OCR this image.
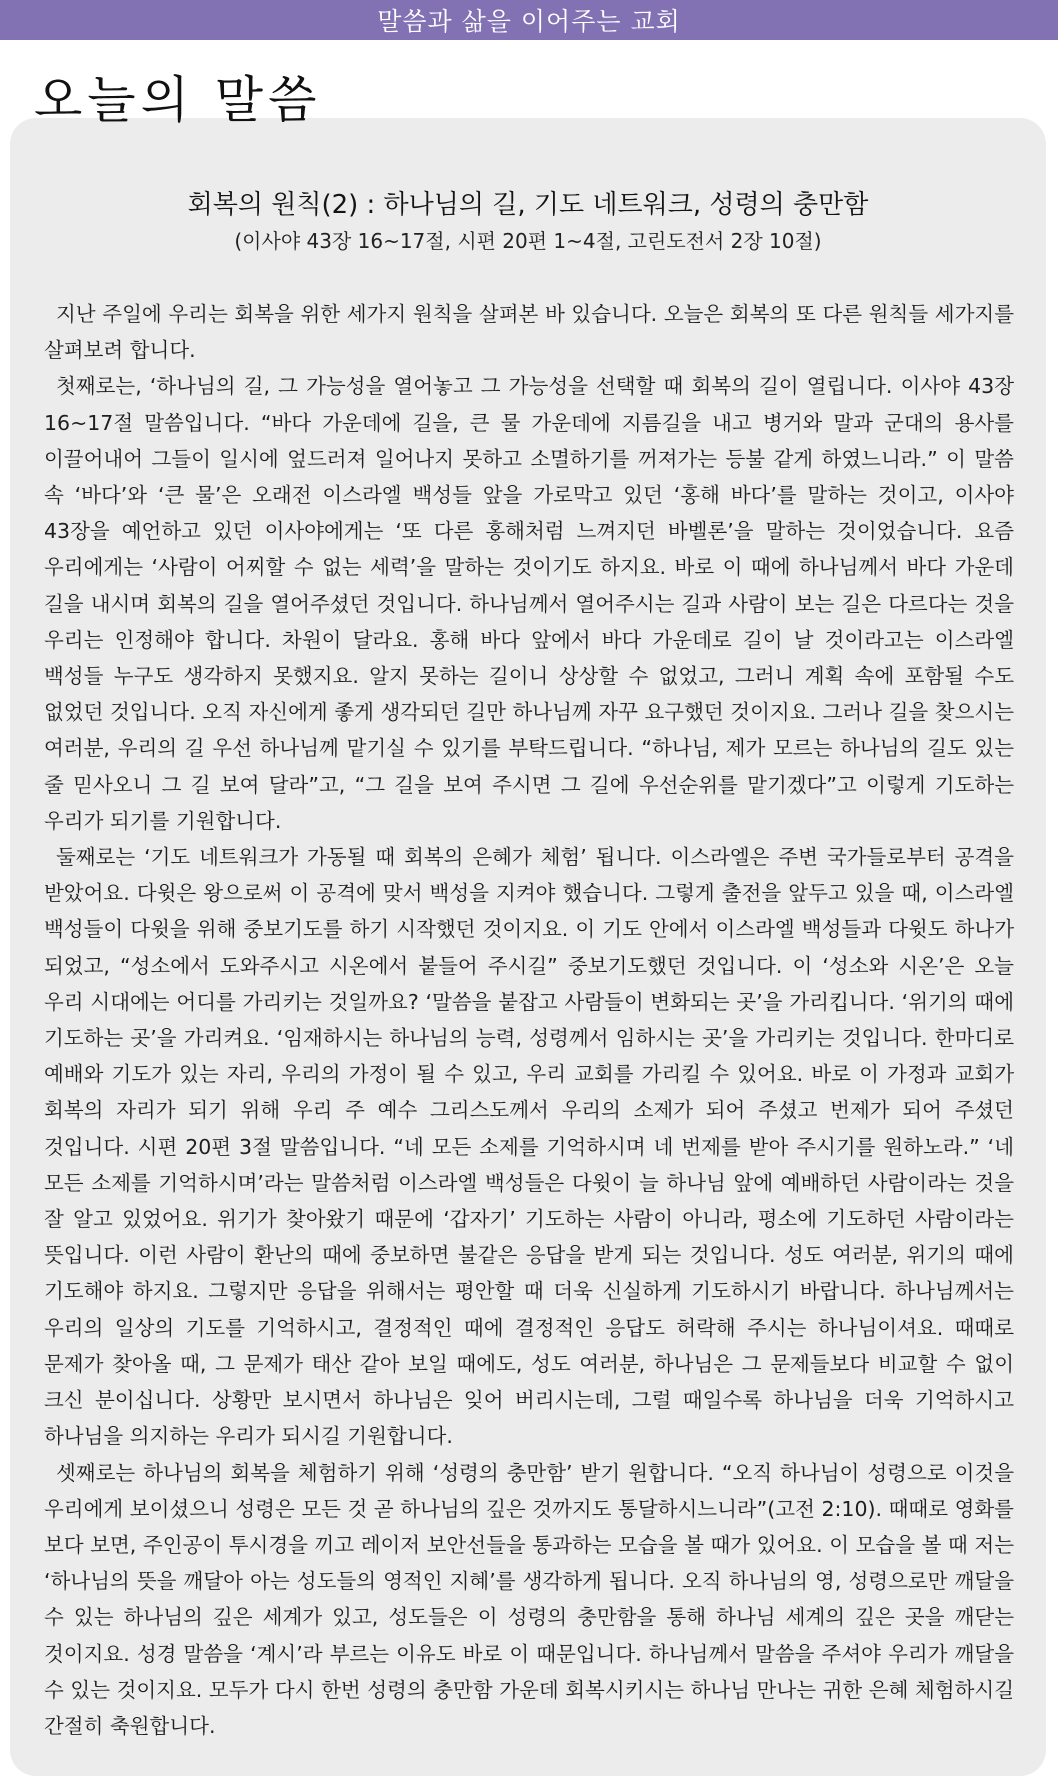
말씀과 삶을 이어주는 교회
오늘의 말씀
회복의 원칙(2) : 하나님의 길, 기도 네트워크, 성령의 충만함
(이사야 43장 16~17절, 시편 20편 1~4절, 고린도전서 2장 10절)

지난 주일에 우리는 회복을 위한 세가지 원칙을 살펴본 바 있습니다. 오늘은 회복의 또 다른 원칙들 세가지를 살펴보려 합니다.

첫째로는, ‘하나님의 길, 그 가능성을 열어놓고 그 가능성을 선택할 때 회복의 길이 열립니다. 이사야 43장 16~17절 말씀입니다. “바다 가운데에 길을, 큰 물 가운데에 지름길을 내고 병거와 말과 군대의 용사를 이끌어내어 그들이 일시에 엎드러져 일어나지 못하고 소멸하기를 꺼져가는 등불 같게 하였느니라.” 이 말씀 속 ‘바다’와 ‘큰 물’은 오래전 이스라엘 백성들 앞을 가로막고 있던 ‘홍해 바다’를 말하는 것이고, 이사야 43장을 예언하고 있던 이사야에게는 ‘또 다른 홍해처럼 느껴지던 바벨론’을 말하는 것이었습니다. 요즘 우리에게는 ‘사람이 어찌할 수 없는 세력’을 말하는 것이기도 하지요. 바로 이 때에 하나님께서 바다 가운데 길을 내시며 회복의 길을 열어주셨던 것입니다. 하나님께서 열어주시는 길과 사람이 보는 길은 다르다는 것을 우리는 인정해야 합니다. 차원이 달라요. 홍해 바다 앞에서 바다 가운데로 길이 날 것이라고는 이스라엘 백성들 누구도 생각하지 못했지요. 알지 못하는 길이니 상상할 수 없었고, 그러니 계획 속에 포함될 수도 없었던 것입니다. 오직 자신에게 좋게 생각되던 길만 하나님께 자꾸 요구했던 것이지요. 그러나 길을 찾으시는 여러분, 우리의 길 우선 하나님께 맡기실 수 있기를 부탁드립니다. “하나님, 제가 모르는 하나님의 길도 있는 줄 믿사오니 그 길 보여 달라”고, “그 길을 보여 주시면 그 길에 우선순위를 맡기겠다”고 이렇게 기도하는 우리가 되기를 기원합니다.

둘째로는 ‘기도 네트워크가 가동될 때 회복의 은혜가 체험’ 됩니다. 이스라엘은 주변 국가들로부터 공격을 받았어요. 다윗은 왕으로써 이 공격에 맞서 백성을 지켜야 했습니다. 그렇게 출전을 앞두고 있을 때, 이스라엘 백성들이 다윗을 위해 중보기도를 하기 시작했던 것이지요. 이 기도 안에서 이스라엘 백성들과 다윗도 하나가 되었고, “성소에서 도와주시고 시온에서 붙들어 주시길” 중보기도했던 것입니다. 이 ‘성소와 시온’은 오늘 우리 시대에는 어디를 가리키는 것일까요? ‘말씀을 붙잡고 사람들이 변화되는 곳’을 가리킵니다. ‘위기의 때에 기도하는 곳’을 가리켜요. ‘임재하시는 하나님의 능력, 성령께서 임하시는 곳’을 가리키는 것입니다. 한마디로 예배와 기도가 있는 자리, 우리의 가정이 될 수 있고, 우리 교회를 가리킬 수 있어요. 바로 이 가정과 교회가 회복의 자리가 되기 위해 우리 주 예수 그리스도께서 우리의 소제가 되어 주셨고 번제가 되어 주셨던 것입니다. 시편 20편 3절 말씀입니다. “네 모든 소제를 기억하시며 네 번제를 받아 주시기를 원하노라.” ‘네 모든 소제를 기억하시며’라는 말씀처럼 이스라엘 백성들은 다윗이 늘 하나님 앞에 예배하던 사람이라는 것을 잘 알고 있었어요. 위기가 찾아왔기 때문에 ‘갑자기’ 기도하는 사람이 아니라, 평소에 기도하던 사람이라는 뜻입니다. 이런 사람이 환난의 때에 중보하면 불같은 응답을 받게 되는 것입니다. 성도 여러분, 위기의 때에 기도해야 하지요. 그렇지만 응답을 위해서는 평안할 때 더욱 신실하게 기도하시기 바랍니다. 하나님께서는 우리의 일상의 기도를 기억하시고, 결정적인 때에 결정적인 응답도 허락해 주시는 하나님이셔요. 때때로 문제가 찾아올 때, 그 문제가 태산 같아 보일 때에도, 성도 여러분, 하나님은 그 문제들보다 비교할 수 없이 크신 분이십니다. 상황만 보시면서 하나님은 잊어 버리시는데, 그럴 때일수록 하나님을 더욱 기억하시고 하나님을 의지하는 우리가 되시길 기원합니다.

셋째로는 하나님의 회복을 체험하기 위해 ‘성령의 충만함’ 받기 원합니다. “오직 하나님이 성령으로 이것을 우리에게 보이셨으니 성령은 모든 것 곧 하나님의 깊은 것까지도 통달하시느니라”(고전 2:10). 때때로 영화를 보다 보면, 주인공이 투시경을 끼고 레이저 보안선들을 통과하는 모습을 볼 때가 있어요. 이 모습을 볼 때 저는 ‘하나님의 뜻을 깨달아 아는 성도들의 영적인 지혜’를 생각하게 됩니다. 오직 하나님의 영, 성령으로만 깨달을 수 있는 하나님의 깊은 세계가 있고, 성도들은 이 성령의 충만함을 통해 하나님 세계의 깊은 곳을 깨닫는 것이지요. 성경 말씀을 ‘계시’라 부르는 이유도 바로 이 때문입니다. 하나님께서 말씀을 주셔야 우리가 깨달을 수 있는 것이지요. 모두가 다시 한번 성령의 충만함 가운데 회복시키시는 하나님 만나는 귀한 은혜 체험하시길 간절히 축원합니다.
